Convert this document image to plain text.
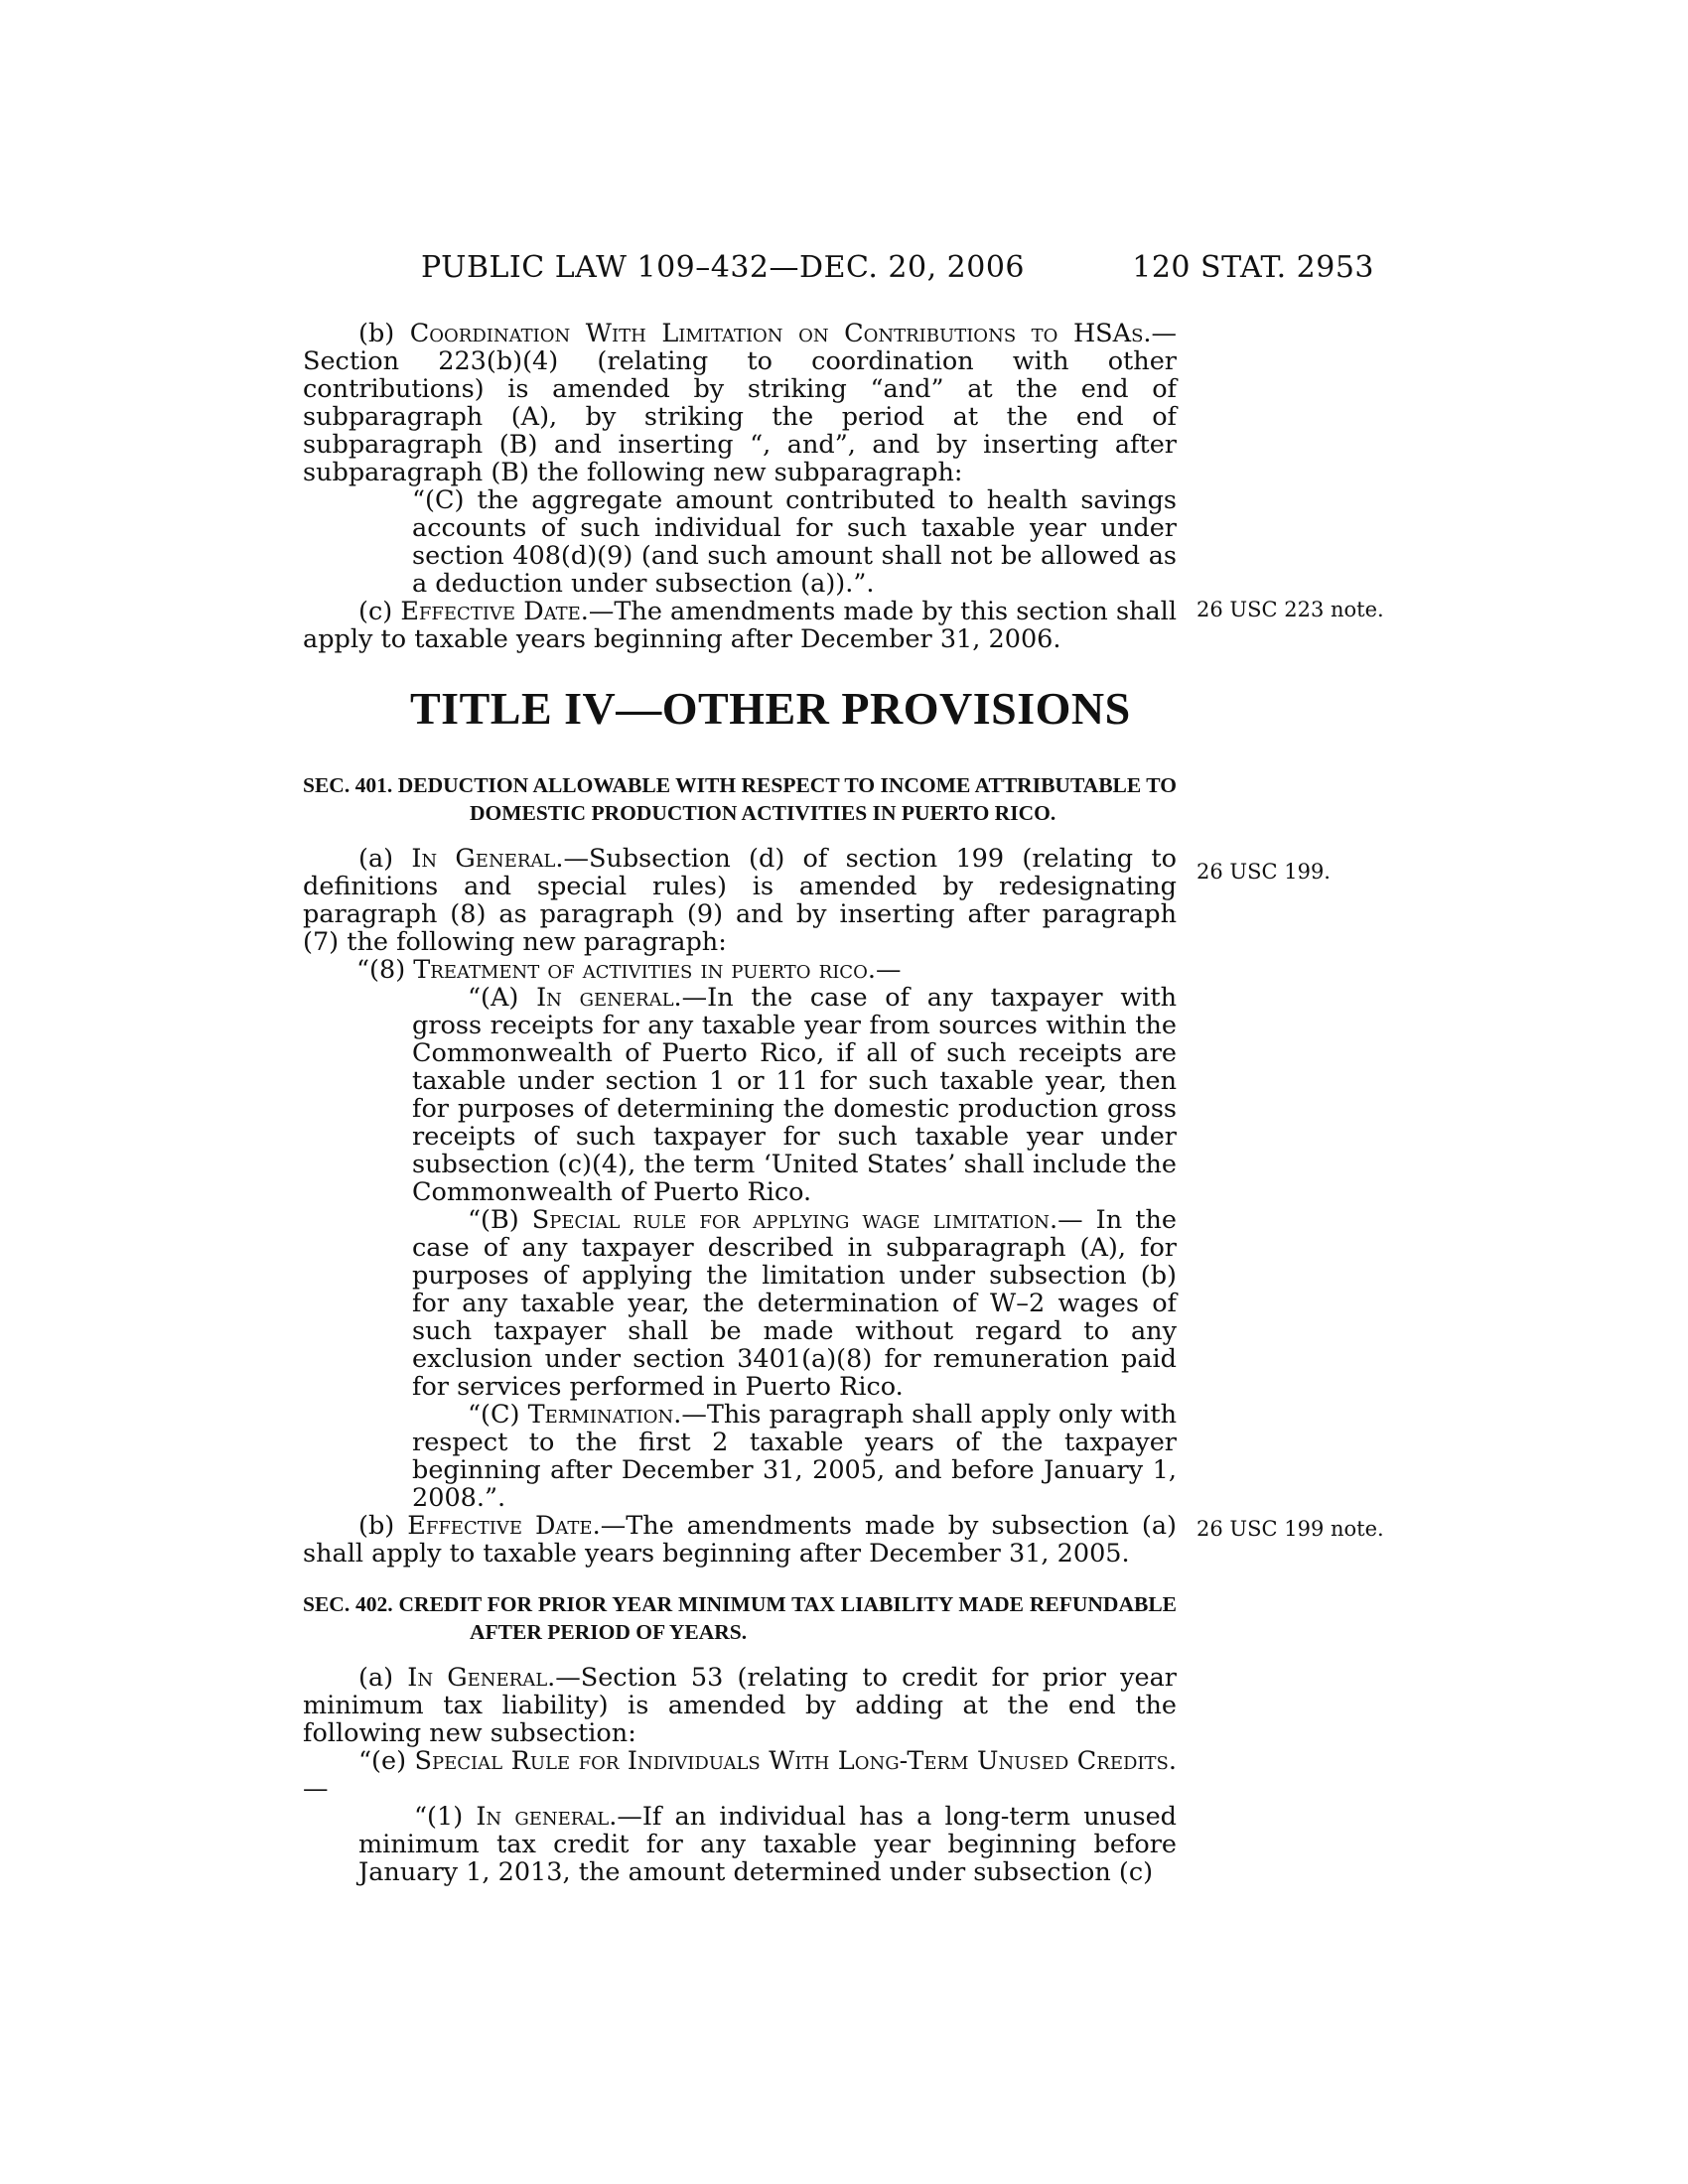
PUBLIC LAW 109–432—DEC. 20, 2006	120 STAT. 2953

(b) Coordination With Limitation on Contributions to HSAs.—Section 223(b)(4) (relating to coordination with other contributions) is amended by striking “and” at the end of subparagraph (A), by striking the period at the end of subparagraph (B) and inserting “, and”, and by inserting after subparagraph (B) the following new subparagraph:

“(C) the aggregate amount contributed to health savings accounts of such individual for such taxable year under section 408(d)(9) (and such amount shall not be allowed as a deduction under subsection (a)).”.

(c) Effective Date.—The amendments made by this section shall apply to taxable years beginning after December 31, 2006.

26 USC 223 note.
TITLE IV—OTHER PROVISIONS

SEC. 401. DEDUCTION ALLOWABLE WITH RESPECT TO INCOME ATTRIBUTABLE TO DOMESTIC PRODUCTION ACTIVITIES IN PUERTO RICO.

(a) In General.—Subsection (d) of section 199 (relating to definitions and special rules) is amended by redesignating paragraph (8) as paragraph (9) and by inserting after paragraph (7) the following new paragraph:

“(8) Treatment of activities in puerto rico.—

“(A) In general.—In the case of any taxpayer with gross receipts for any taxable year from sources within the Commonwealth of Puerto Rico, if all of such receipts are taxable under section 1 or 11 for such taxable year, then for purposes of determining the domestic production gross receipts of such taxpayer for such taxable year under subsection (c)(4), the term ‘United States’ shall include the Commonwealth of Puerto Rico.

“(B) Special rule for applying wage limitation.— In the case of any taxpayer described in subparagraph (A), for purposes of applying the limitation under subsection (b) for any taxable year, the determination of W–2 wages of such taxpayer shall be made without regard to any exclusion under section 3401(a)(8) for remuneration paid for services performed in Puerto Rico.

“(C) Termination.—This paragraph shall apply only with respect to the first 2 taxable years of the taxpayer beginning after December 31, 2005, and before January 1, 2008.”.

(b) Effective Date.—The amendments made by subsection (a) shall apply to taxable years beginning after December 31, 2005.

26 USC 199.
26 USC 199 note.

SEC. 402. CREDIT FOR PRIOR YEAR MINIMUM TAX LIABILITY MADE REFUNDABLE AFTER PERIOD OF YEARS.

(a) In General.—Section 53 (relating to credit for prior year minimum tax liability) is amended by adding at the end the following new subsection:

“(e) Special Rule for Individuals With Long-Term Unused Credits.—

“(1) In general.—If an individual has a long-term unused minimum tax credit for any taxable year beginning before January 1, 2013, the amount determined under subsection (c)
